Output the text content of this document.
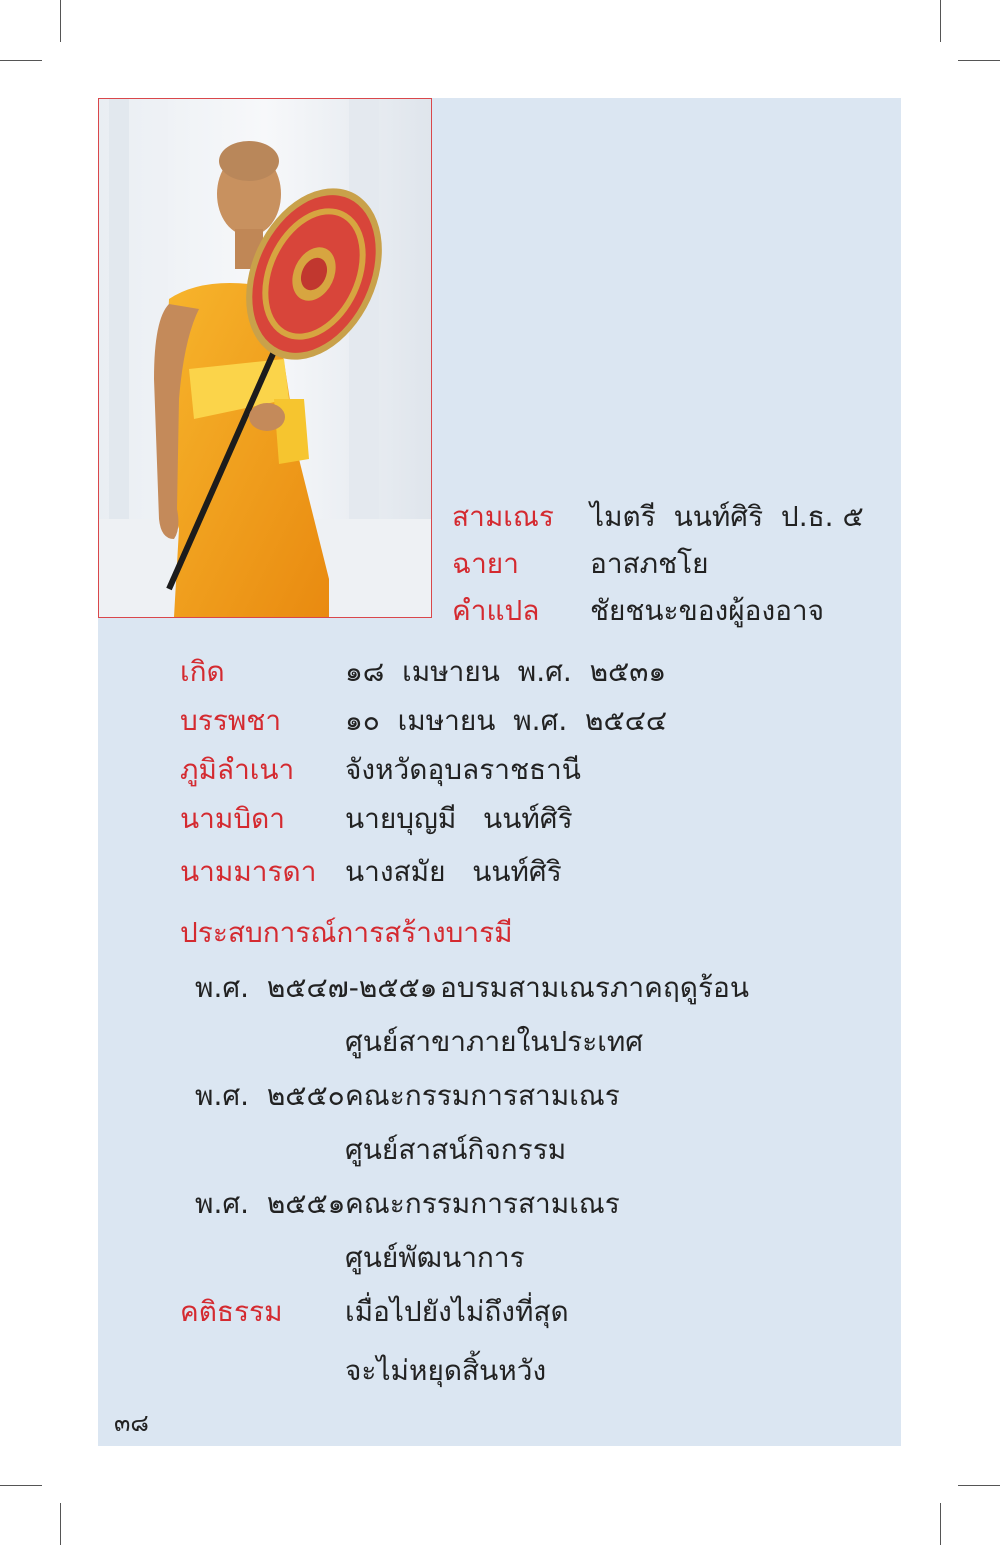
สามเณร ไมตรี  นนท์ศิริ  ป.ธ. ๕
ฉายา	อาสภชโย
คำแปล ชัยชนะของผู้องอาจ
เกิด	๑๘  เมษายน  พ.ศ.  ๒๕๓๑
บรรพชา ๑๐  เมษายน  พ.ศ.  ๒๕๔๔
ภูมิลำเนา จังหวัดอุบลราชธานี
นามบิดา นายบุญมี   นนท์ศิริ
นามมารดา นางสมัย   นนท์ศิริ
ประสบการณ์การสร้างบารมี
พ.ศ.  ๒๕๔๗-๒๕๕๑ อบรมสามเณรภาคฤดูร้อน
ศูนย์สาขาภายในประเทศ
พ.ศ.  ๒๕๕๐ คณะกรรมการสามเณร
ศูนย์สาสน์กิจกรรม
พ.ศ.  ๒๕๕๑ คณะกรรมการสามเณร
ศูนย์พัฒนาการ
คติธรรม เมื่อไปยังไม่ถึงที่สุด
จะไม่หยุดสิ้นหวัง
๓๘
